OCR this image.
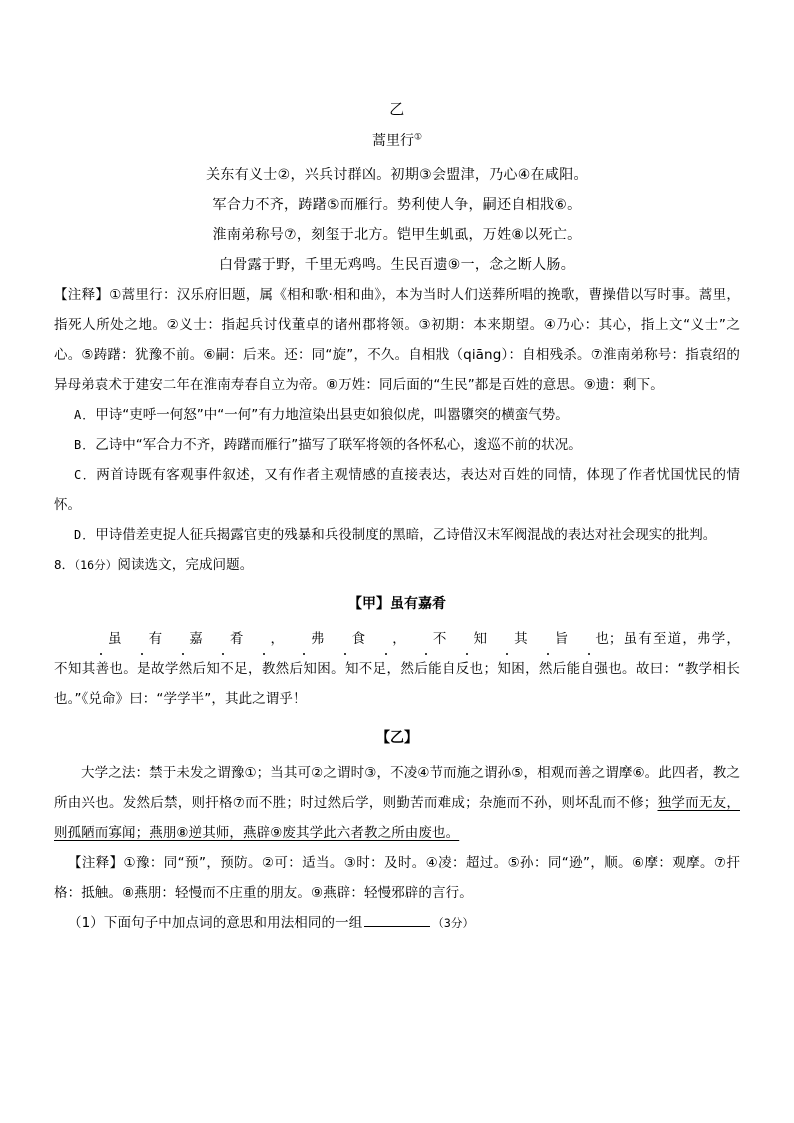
乙
蒿里行①
关东有义士②，兴兵讨群凶。初期③会盟津，乃心④在咸阳。
军合力不齐，踌躇⑤而雁行。势利使人争，嗣还自相戕⑥。
淮南弟称号⑦，刻玺于北方。铠甲生虮虱，万姓⑧以死亡。
白骨露于野，千里无鸡鸣。生民百遗⑨一，念之断人肠。
【注释】①蒿里行：汉乐府旧题，属《相和歌·相和曲》，本为当时人们送葬所唱的挽歌，曹操借以写时事。蒿里，指死人所处之地。②义士：指起兵讨伐董卓的诸州郡将领。③初期：本来期望。④乃心：其心，指上文“义士”之心。⑤踌躇：犹豫不前。⑥嗣：后来。还：同“旋”，不久。自相戕（qiāng）：自相残杀。⑦淮南弟称号：指袁绍的异母弟袁术于建安二年在淮南寿春自立为帝。⑧万姓：同后面的“生民”都是百姓的意思。⑨遗：剩下。
A．甲诗“吏呼一何怒”中“一何”有力地渲染出县吏如狼似虎，叫嚣隳突的横蛮气势。
B．乙诗中“军合力不齐，踌躇而雁行”描写了联军将领的各怀私心，逡巡不前的状况。
C．两首诗既有客观事件叙述，又有作者主观情感的直接表达，表达对百姓的同情，体现了作者忧国忧民的情怀。
D．甲诗借差吏捉人征兵揭露官吏的残暴和兵役制度的黑暗，乙诗借汉末军阀混战的表达对社会现实的批判。
8．（16分）阅读选文，完成问题。
【甲】虽有嘉肴
虽 有 嘉 肴 ， 弗 食 ， 不 知 其 旨 也；虽有至道，弗学，不知其善也。是故学然后知不足，教然后知困。知不足，然后能自反也；知困，然后能自强也。故曰：“教学相长也。”《兑命》曰：“学学半”，其此之谓乎！
【乙】
大学之法：禁于未发之谓豫①；当其可②之谓时③，不凌④节而施之谓孙⑤，相观而善之谓摩⑥。此四者，教之所由兴也。发然后禁，则扞格⑦而不胜；时过然后学，则勤苦而难成；杂施而不孙，则坏乱而不修；独学而无友，则孤陋而寡闻；燕朋⑧逆其师，燕辟⑨废其学此六者教之所由废也。
【注释】①豫：同“预”，预防。②可：适当。③时：及时。④凌：超过。⑤孙：同“逊”，顺。⑥摩：观摩。⑦扞格：抵触。⑧燕朋：轻慢而不庄重的朋友。⑨燕辟：轻慢邪辟的言行。
（1）下面句子中加点词的意思和用法相同的一组	（3分）
